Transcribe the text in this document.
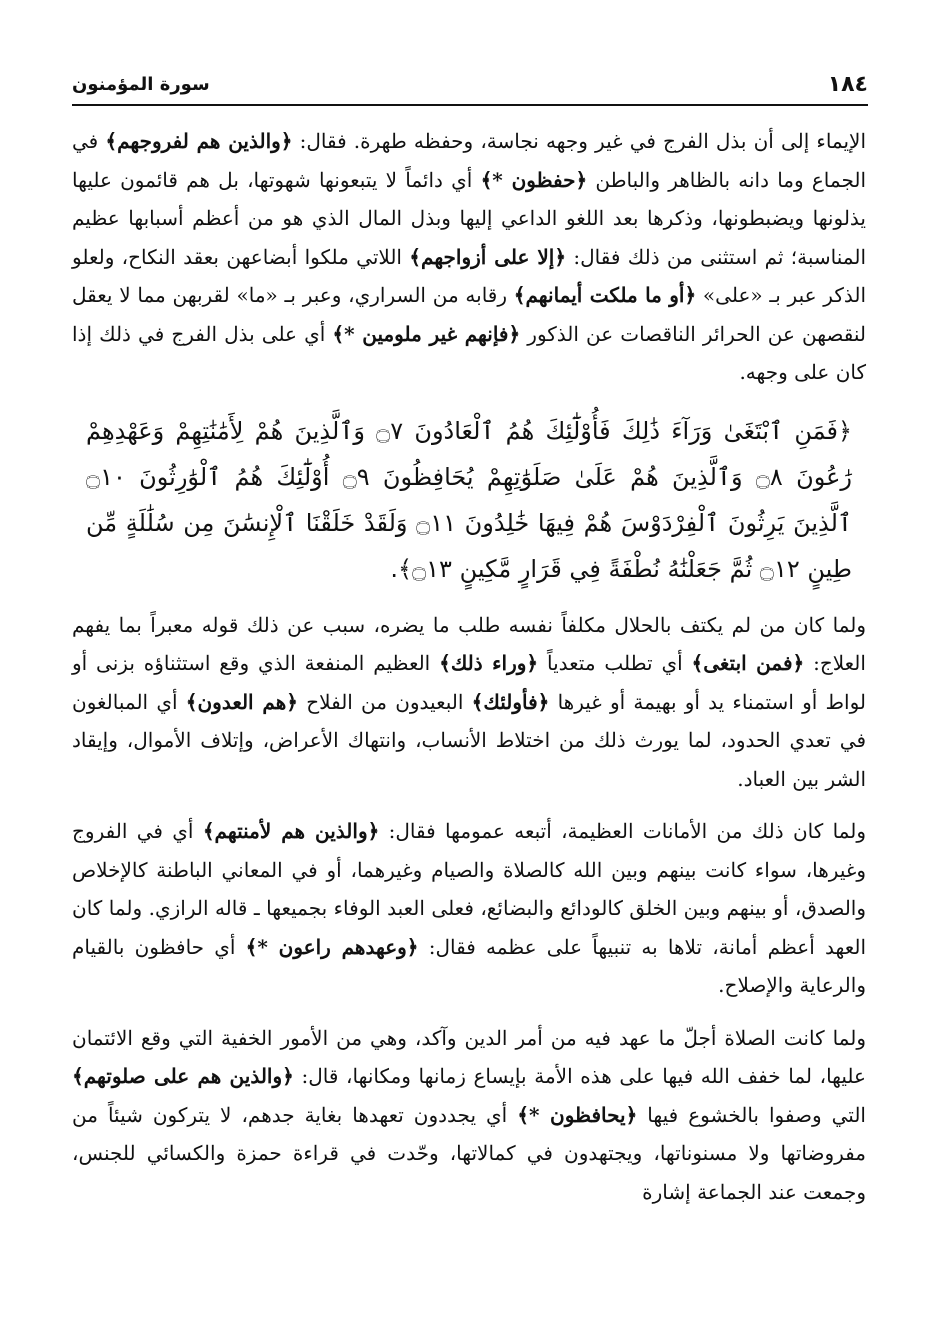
١٨٤
سورة المؤمنون

الإيماء إلى أن بذل الفرج في غير وجهه نجاسة، وحفظه طهرة. فقال: ﴿والذين هم لفروجهم﴾ في الجماع وما دانه بالظاهر والباطن ﴿حفظون *﴾ أي دائماً لا يتبعونها شهوتها، بل هم قائمون عليها يذلونها ويضبطونها، وذكرها بعد اللغو الداعي إليها وبذل المال الذي هو من أعظم أسبابها عظيم المناسبة؛ ثم استثنى من ذلك فقال: ﴿إلا على أزواجهم﴾ اللاتي ملكوا أبضاعهن بعقد النكاح، ولعلو الذكر عبر بـ «على» ﴿أو ما ملكت أيمانهم﴾ رقابه من السراري، وعبر بـ «ما» لقربهن مما لا يعقل لنقصهن عن الحرائر الناقصات عن الذكور ﴿فإنهم غير ملومين *﴾ أي على بذل الفرج في ذلك إذا كان على وجهه.

﴿فَمَنِ ٱبْتَغَىٰ وَرَآءَ ذَٰلِكَ فَأُوْلَٰٓئِكَ هُمُ ٱلْعَادُونَ ۝٧ وَٱلَّذِينَ هُمْ لِأَمَٰنَٰتِهِمْ وَعَهْدِهِمْ رَٰعُونَ ۝٨ وَٱلَّذِينَ هُمْ عَلَىٰ صَلَوَٰتِهِمْ يُحَافِظُونَ ۝٩ أُوْلَٰٓئِكَ هُمُ ٱلْوَٰرِثُونَ ۝١٠ ٱلَّذِينَ يَرِثُونَ ٱلْفِرْدَوْسَ هُمْ فِيهَا خَٰلِدُونَ ۝١١ وَلَقَدْ خَلَقْنَا ٱلْإِنسَٰنَ مِن سُلَٰلَةٍ مِّن طِينٍ ۝١٢ ثُمَّ جَعَلْنَٰهُ نُطْفَةً فِي قَرَارٍ مَّكِينٍ ۝١٣﴾.

ولما كان من لم يكتف بالحلال مكلفاً نفسه طلب ما يضره، سبب عن ذلك قوله معبراً بما يفهم العلاج: ﴿فمن ابتغى﴾ أي تطلب متعدياً ﴿وراء ذلك﴾ العظيم المنفعة الذي وقع استثناؤه بزنى أو لواط أو استمناء يد أو بهيمة أو غيرها ﴿فأولئك﴾ البعيدون من الفلاح ﴿هم العدون﴾ أي المبالغون في تعدي الحدود، لما يورث ذلك من اختلاط الأنساب، وانتهاك الأعراض، وإتلاف الأموال، وإيقاد الشر بين العباد.

ولما كان ذلك من الأمانات العظيمة، أتبعه عمومها فقال: ﴿والذين هم لأمنتهم﴾ أي في الفروج وغيرها، سواء كانت بينهم وبين الله كالصلاة والصيام وغيرهما، أو في المعاني الباطنة كالإخلاص والصدق، أو بينهم وبين الخلق كالودائع والبضائع، فعلى العبد الوفاء بجميعها ـ قاله الرازي. ولما كان العهد أعظم أمانة، تلاها به تنبيهاً على عظمه فقال: ﴿وعهدهم راعون *﴾ أي حافظون بالقيام والرعاية والإصلاح.

ولما كانت الصلاة أجلّ ما عهد فيه من أمر الدين وآكد، وهي من الأمور الخفية التي وقع الائتمان عليها، لما خفف الله فيها على هذه الأمة بإيساع زمانها ومكانها، قال: ﴿والذين هم على صلوتهم﴾ التي وصفوا بالخشوع فيها ﴿يحافظون *﴾ أي يجددون تعهدها بغاية جدهم، لا يتركون شيئاً من مفروضاتها ولا مسنوناتها، ويجتهدون في كمالاتها، وحّدت في قراءة حمزة والكسائي للجنس، وجمعت عند الجماعة إشارة
